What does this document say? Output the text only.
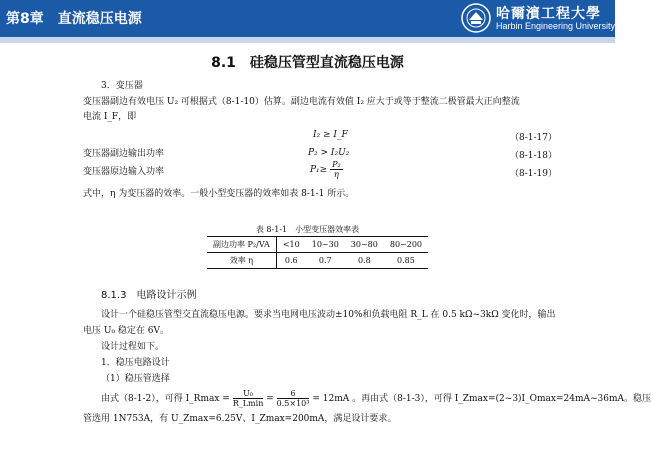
第8章　直流稳压电源	哈爾濱工程大學
Harbin Engineering University
8.1　硅稳压管型直流稳压电源
3．变压器
变压器副边有效电压 U₂ 可根据式（8-1-10）估算。副边电流有效值 I₂ 应大于或等于整流二极管最大正向整流
电流 I_F，即
I₂ ≥ I_F	（8-1-17）
变压器副边输出功率	P₂ > I₂U₂	（8-1-18）
变压器原边输入功率	$P_1\ge \frac{\text{P₂}}{\eta}$	（8-1-19）
式中，η 为变压器的效率。一般小型变压器的效率如表 8-1-1 所示。
表 8-1-1　小型变压器效率表
副边功率 P₂/VA	<10	10~30	30~80	80~200
效率 η	0.6	0.7	0.8	0.85
8.1.3　电路设计示例
设计一个硅稳压管型交直流稳压电源。要求当电网电压波动±10%和负载电阻 R_L 在 0.5 kΩ~3kΩ 变化时，输出
电压 U₀ 稳定在 6V。
设计过程如下。
1．稳压电路设计
（1）稳压管选择
由式（8-1-2），可得 I_Rmax = $\frac{\text{U₀}}{R\_Lmin} = \frac{6}{\text{0.5×10³}} = 12mA$ 。再由式（8-1-3），可得 I_Zmax=(2~3)I_Omax=24mA~36mA。稳压
管选用 1N753A，有 U_Zmax=6.25V、I_Zmax=200mA，满足设计要求。
